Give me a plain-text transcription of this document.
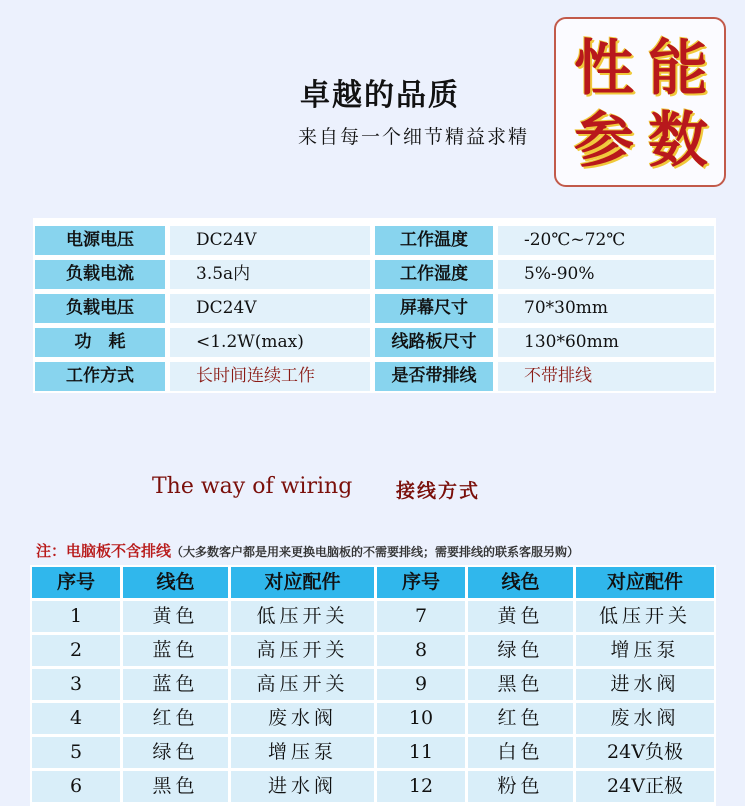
卓越的品质
来自每一个细节精益求精
性 能
参 数
电源电压	DC24V	工作温度	-20℃~72℃
负载电流	3.5a内	工作湿度	5%-90%
负载电压	DC24V	屏幕尺寸	70*30mm
功　耗	<1.2W(max)	线路板尺寸	130*60mm
工作方式	长时间连续工作	是否带排线	不带排线
The way of wiring 接线方式
注：电脑板不含排线（大多数客户都是用来更换电脑板的不需要排线；需要排线的联系客服另购）
序号	线色	对应配件	序号	线色	对应配件
1	黄色	低压开关	7	黄色	低压开关
2	蓝色	高压开关	8	绿色	增压泵
3	蓝色	高压开关	9	黑色	进水阀
4	红色	废水阀	10	红色	废水阀
5	绿色	增压泵	11	白色	24V负极
6	黑色	进水阀	12	粉色	24V正极
